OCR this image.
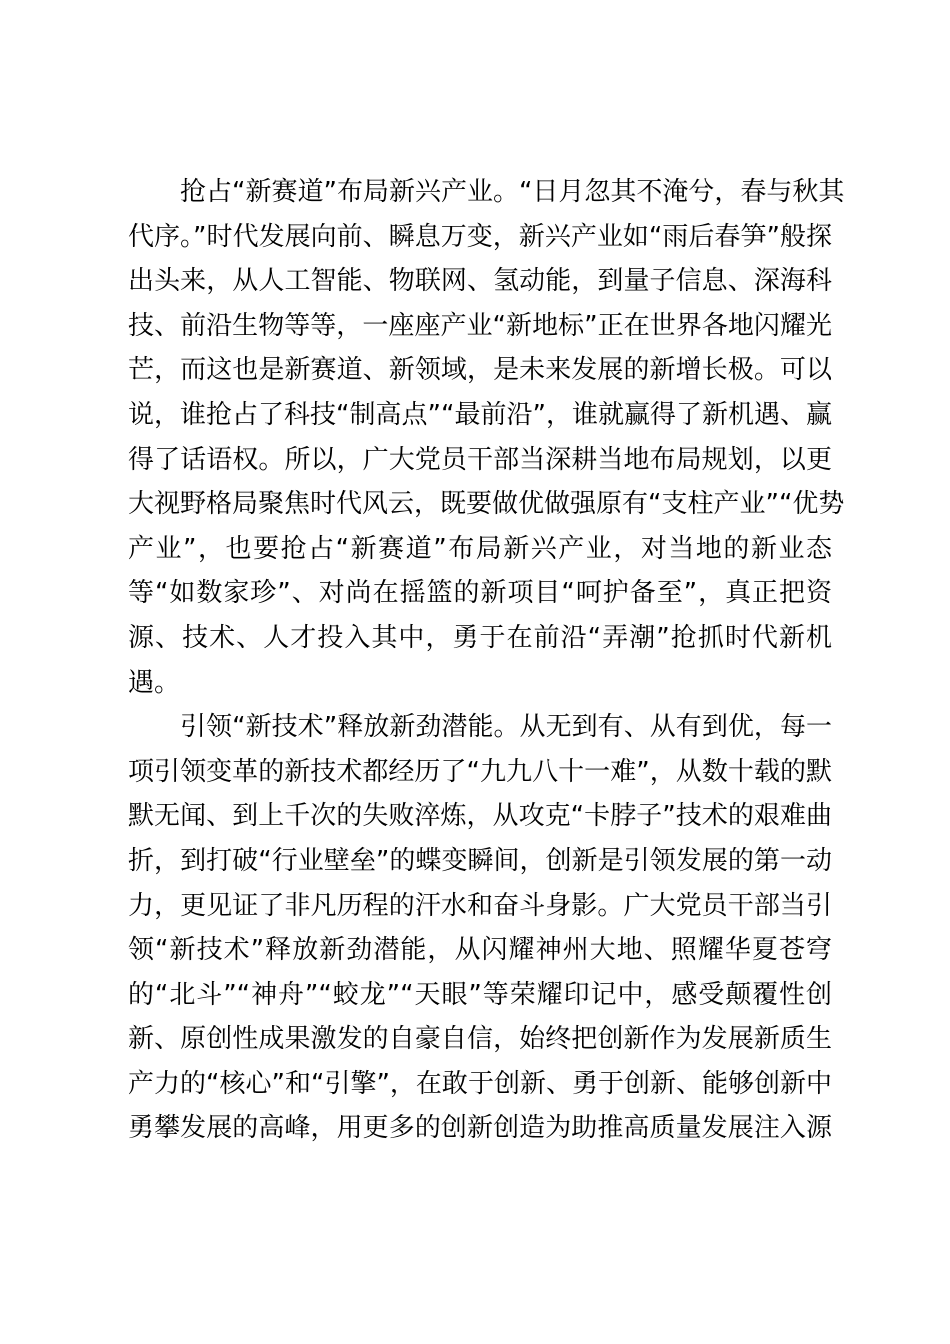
抢占“新赛道”布局新兴产业。“日月忽其不淹兮，春与秋其
代序。”时代发展向前、瞬息万变，新兴产业如“雨后春笋”般探
出头来，从人工智能、物联网、氢动能，到量子信息、深海科
技、前沿生物等等，一座座产业“新地标”正在世界各地闪耀光
芒，而这也是新赛道、新领域，是未来发展的新增长极。可以
说，谁抢占了科技“制高点”“最前沿”，谁就赢得了新机遇、赢
得了话语权。所以，广大党员干部当深耕当地布局规划，以更
大视野格局聚焦时代风云，既要做优做强原有“支柱产业”“优势
产业”，也要抢占“新赛道”布局新兴产业，对当地的新业态
等“如数家珍”、对尚在摇篮的新项目“呵护备至”，真正把资
源、技术、人才投入其中，勇于在前沿“弄潮”抢抓时代新机
遇。
引领“新技术”释放新劲潜能。从无到有、从有到优，每一
项引领变革的新技术都经历了“九九八十一难”，从数十载的默
默无闻、到上千次的失败淬炼，从攻克“卡脖子”技术的艰难曲
折，到打破“行业壁垒”的蝶变瞬间，创新是引领发展的第一动
力，更见证了非凡历程的汗水和奋斗身影。广大党员干部当引
领“新技术”释放新劲潜能，从闪耀神州大地、照耀华夏苍穹
的“北斗”“神舟”“蛟龙”“天眼”等荣耀印记中，感受颠覆性创
新、原创性成果激发的自豪自信，始终把创新作为发展新质生
产力的“核心”和“引擎”，在敢于创新、勇于创新、能够创新中
勇攀发展的高峰，用更多的创新创造为助推高质量发展注入源
